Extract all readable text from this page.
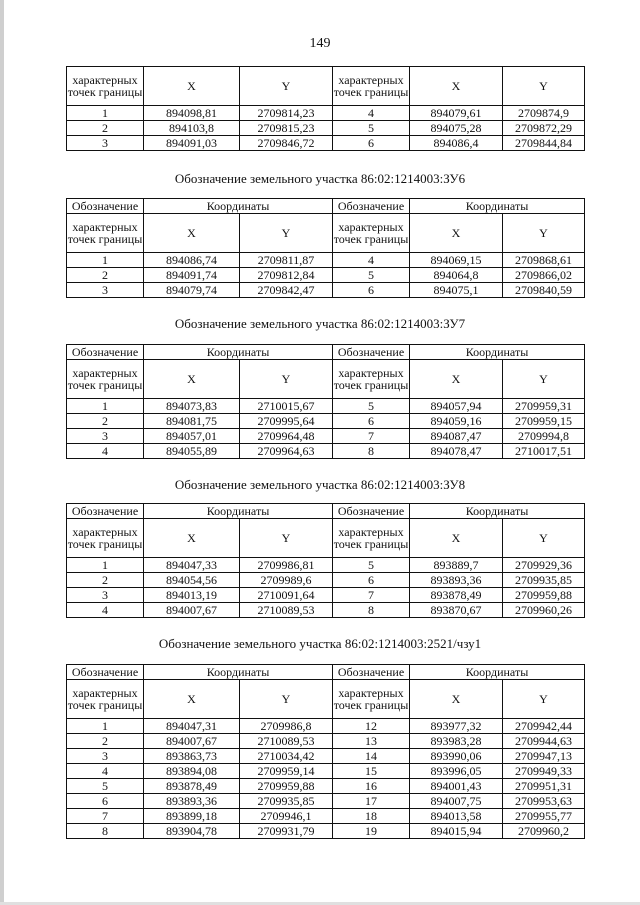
149
характерных точек границы	X	Y	характерных точек границы	X	Y
1	894098,81	2709814,23	4	894079,61	2709874,9
2	894103,8	2709815,23	5	894075,28	2709872,29
3	894091,03	2709846,72	6	894086,4	2709844,84
Обозначение земельного участка 86:02:1214003:ЗУ6
Обозначение	Координаты		Обозначение	Координаты	
характерных точек границы	X	Y	характерных точек границы	X	Y
1	894086,74	2709811,87	4	894069,15	2709868,61
2	894091,74	2709812,84	5	894064,8	2709866,02
3	894079,74	2709842,47	6	894075,1	2709840,59
Обозначение земельного участка 86:02:1214003:ЗУ7
Обозначение	Координаты		Обозначение	Координаты	
характерных точек границы	X	Y	характерных точек границы	X	Y
1	894073,83	2710015,67	5	894057,94	2709959,31
2	894081,75	2709995,64	6	894059,16	2709959,15
3	894057,01	2709964,48	7	894087,47	2709994,8
4	894055,89	2709964,63	8	894078,47	2710017,51
Обозначение земельного участка 86:02:1214003:ЗУ8
Обозначение	Координаты		Обозначение	Координаты	
характерных точек границы	X	Y	характерных точек границы	X	Y
1	894047,33	2709986,81	5	893889,7	2709929,36
2	894054,56	2709989,6	6	893893,36	2709935,85
3	894013,19	2710091,64	7	893878,49	2709959,88
4	894007,67	2710089,53	8	893870,67	2709960,26
Обозначение земельного участка 86:02:1214003:2521/чзу1
Обозначение	Координаты		Обозначение	Координаты	
характерных точек границы	X	Y	характерных точек границы	X	Y
1	894047,31	2709986,8	12	893977,32	2709942,44
2	894007,67	2710089,53	13	893983,28	2709944,63
3	893863,73	2710034,42	14	893990,06	2709947,13
4	893894,08	2709959,14	15	893996,05	2709949,33
5	893878,49	2709959,88	16	894001,43	2709951,31
6	893893,36	2709935,85	17	894007,75	2709953,63
7	893899,18	2709946,1	18	894013,58	2709955,77
8	893904,78	2709931,79	19	894015,94	2709960,2
